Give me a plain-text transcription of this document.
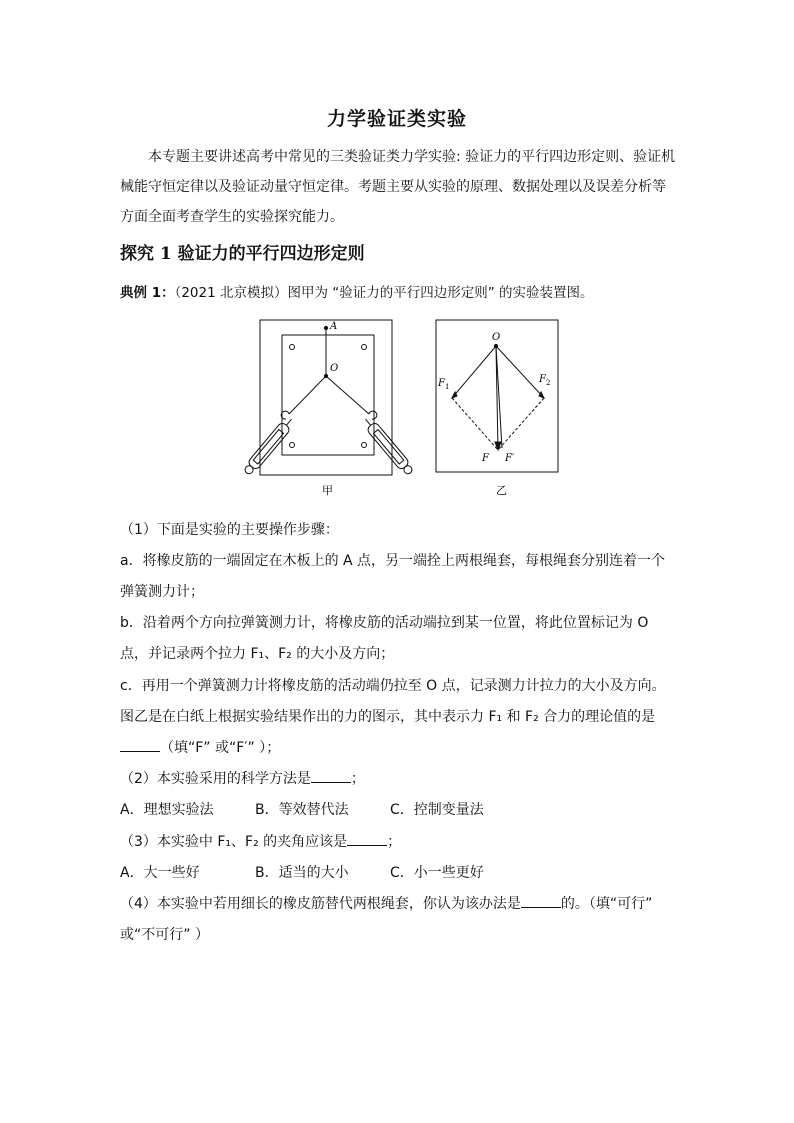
力学验证类实验
本专题主要讲述高考中常见的三类验证类力学实验: 验证力的平行四边形定则、验证机械能守恒定律以及验证动量守恒定律。考题主要从实验的原理、数据处理以及误差分析等方面全面考查学生的实验探究能力。
探究 1 验证力的平行四边形定则
典例 1：（2021 北京模拟）图甲为 “验证力的平行四边形定则” 的实验装置图。
A
O
甲
O
$F_1$
$F_2$
F F′
乙
（1）下面是实验的主要操作步骤：
a．将橡皮筋的一端固定在木板上的 A 点，另一端拴上两根绳套，每根绳套分别连着一个
弹簧测力计；
b．沿着两个方向拉弹簧测力计，将橡皮筋的活动端拉到某一位置，将此位置标记为 O
点，并记录两个拉力 F₁、F₂ 的大小及方向；
c．再用一个弹簧测力计将橡皮筋的活动端仍拉至 O 点，记录测力计拉力的大小及方向。
图乙是在白纸上根据实验结果作出的力的图示，其中表示力 F₁ 和 F₂ 合力的理论值的是
（填“F” 或“F′” ）；
（2）本实验采用的科学方法是	；
A．理想实验法	B．等效替代法	C．控制变量法
（3）本实验中 F₁、F₂ 的夹角应该是	；
A．大一些好	B．适当的大小	C．小一些更好
（4）本实验中若用细长的橡皮筋替代两根绳套，你认为该办法是	的。（填“可行”
或“不可行” ）
